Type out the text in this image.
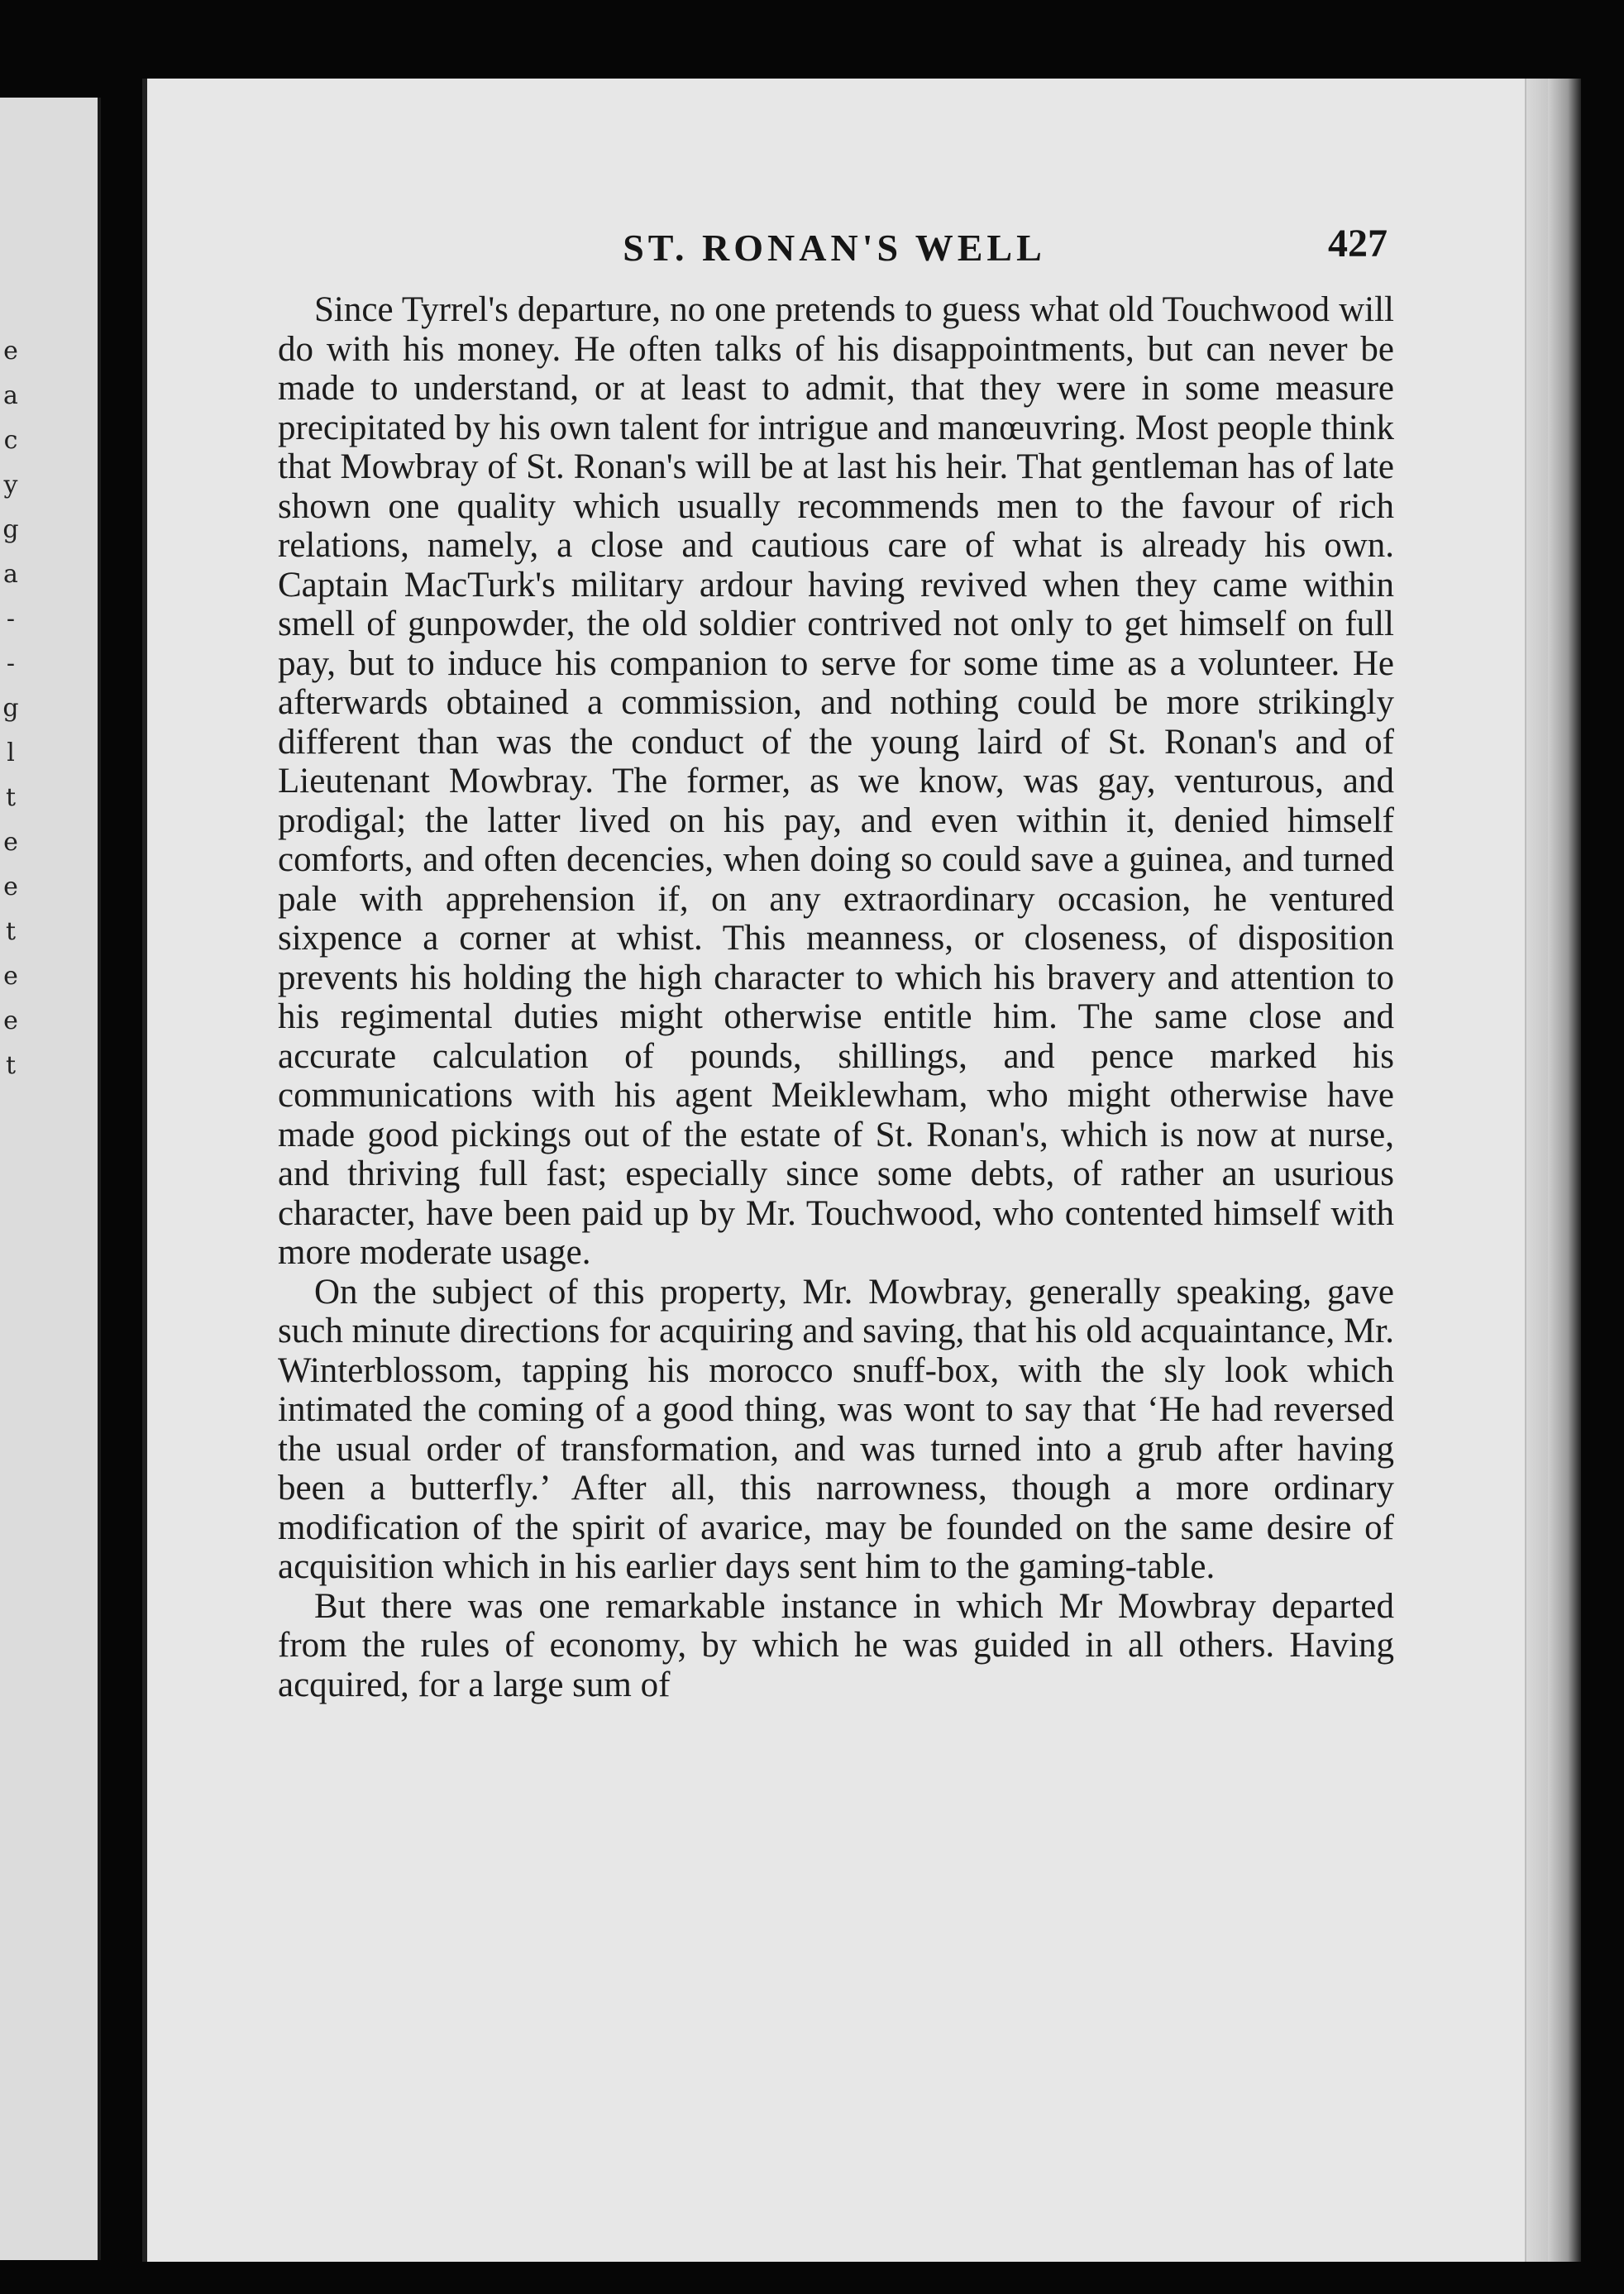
e
a
c
y
g
a
-
-
g
l
t
e
e
t
e
e
t
ST. RONAN'S WELL	427

Since Tyrrel's departure, no one pretends to guess what old Touchwood will do with his money. He often talks of his disappointments, but can never be made to understand, or at least to admit, that they were in some measure precipitated by his own talent for intrigue and manœuvring. Most people think that Mowbray of St. Ronan's will be at last his heir. That gentleman has of late shown one quality which usually recommends men to the favour of rich relations, namely, a close and cautious care of what is already his own. Captain MacTurk's military ardour having revived when they came within smell of gunpowder, the old soldier contrived not only to get himself on full pay, but to induce his companion to serve for some time as a volunteer. He afterwards obtained a commission, and nothing could be more strikingly different than was the conduct of the young laird of St. Ronan's and of Lieutenant Mowbray. The former, as we know, was gay, venturous, and prodigal; the latter lived on his pay, and even within it, denied himself comforts, and often decencies, when doing so could save a guinea, and turned pale with apprehension if, on any extraordinary occasion, he ventured sixpence a corner at whist. This meanness, or closeness, of disposition prevents his holding the high character to which his bravery and attention to his regimental duties might otherwise entitle him. The same close and accurate calculation of pounds, shillings, and pence marked his communications with his agent Meiklewham, who might otherwise have made good pickings out of the estate of St. Ronan's, which is now at nurse, and thriving full fast; especially since some debts, of rather an usurious character, have been paid up by Mr. Touchwood, who contented himself with more moderate usage.

On the subject of this property, Mr. Mowbray, generally speaking, gave such minute directions for acquiring and saving, that his old acquaintance, Mr. Winterblossom, tapping his morocco snuff-box, with the sly look which intimated the coming of a good thing, was wont to say that ‘He had reversed the usual order of transformation, and was turned into a grub after having been a butterfly.’ After all, this narrowness, though a more ordinary modification of the spirit of avarice, may be founded on the same desire of acquisition which in his earlier days sent him to the gaming-table.

But there was one remarkable instance in which Mr Mowbray departed from the rules of economy, by which he was guided in all others. Having acquired, for a large sum of
